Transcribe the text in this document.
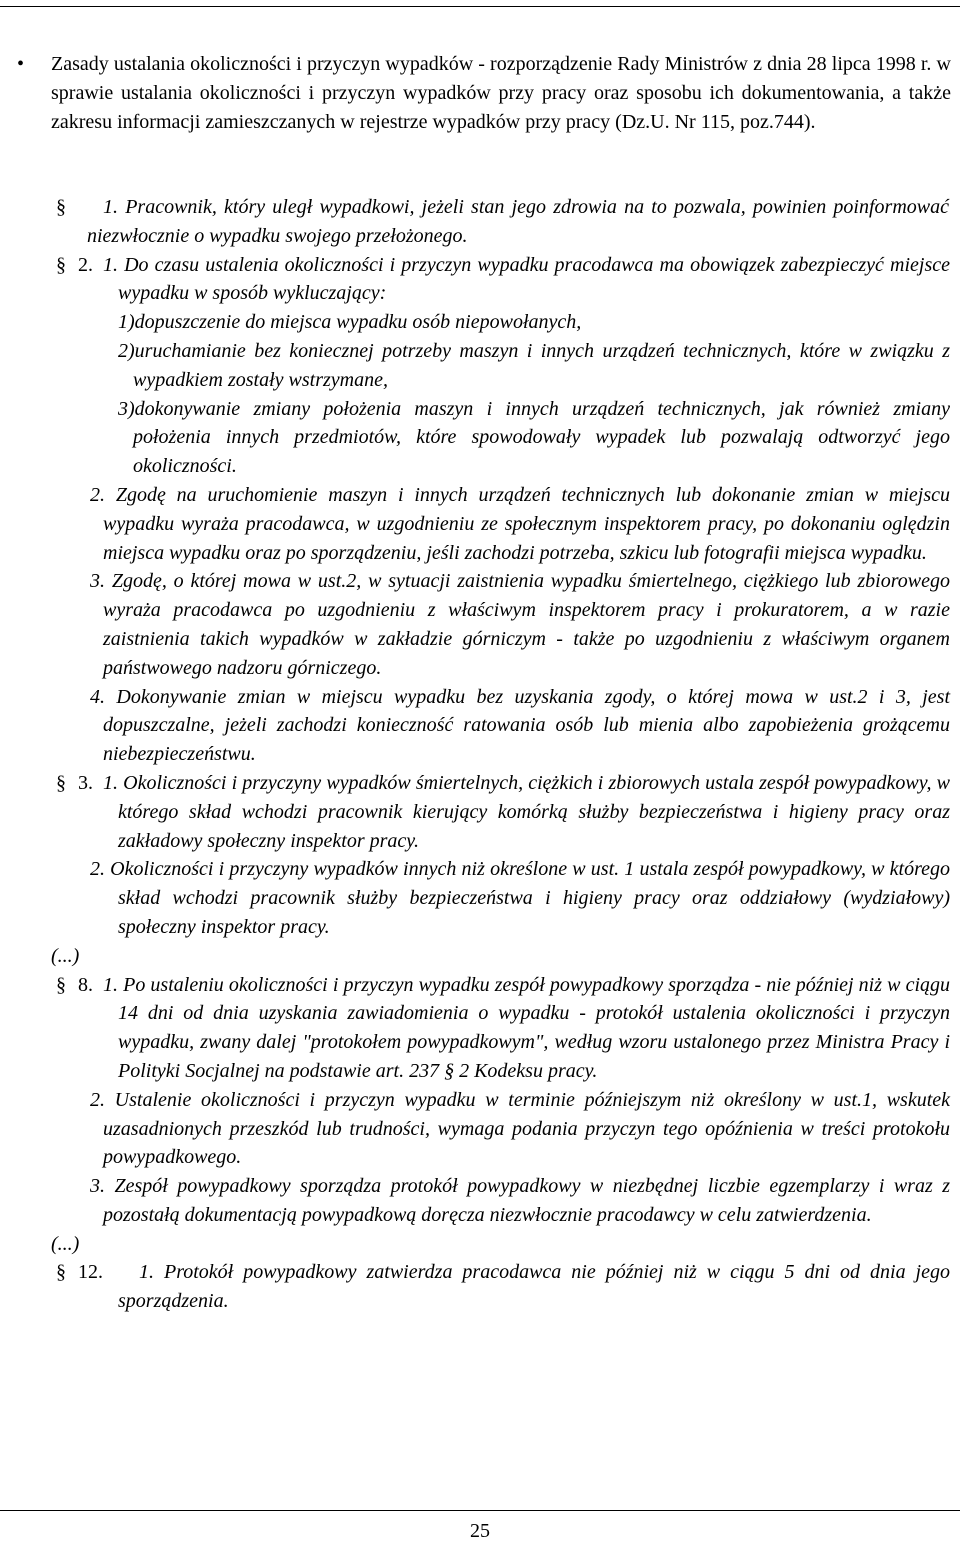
• Zasady ustalania okoliczności i przyczyn wypadków - rozporządzenie Rady Ministrów z dnia 28 lipca 1998 r. w sprawie ustalania okoliczności i przyczyn wypadków przy pracy oraz sposobu ich dokumentowania, a także zakresu informacji zamieszczanych w rejestrze wypadków przy pracy (Dz.U. Nr 115, poz.744).
§	1. Pracownik, który uległ wypadkowi, jeżeli stan jego zdrowia na to pozwala, powinien poinformować niezwłocznie o wypadku swojego przełożonego.
§ 2. 1. Do czasu ustalenia okoliczności i przyczyn wypadku pracodawca ma obowiązek zabezpieczyć miejsce wypadku w sposób wykluczający:
1)dopuszczenie do miejsca wypadku osób niepowołanych,
2)uruchamianie bez koniecznej potrzeby maszyn i innych urządzeń technicznych, które w związku z wypadkiem zostały wstrzymane,
3)dokonywanie zmiany położenia maszyn i innych urządzeń technicznych, jak również zmiany położenia innych przedmiotów, które spowodowały wypadek lub pozwalają odtworzyć jego okoliczności.
2. Zgodę na uruchomienie maszyn i innych urządzeń technicznych lub dokonanie zmian w miejscu wypadku wyraża pracodawca, w uzgodnieniu ze społecznym inspektorem pracy, po dokonaniu oględzin miejsca wypadku oraz po sporządzeniu, jeśli zachodzi potrzeba, szkicu lub fotografii miejsca wypadku.
3. Zgodę, o której mowa w ust.2, w sytuacji zaistnienia wypadku śmiertelnego, ciężkiego lub zbiorowego wyraża pracodawca po uzgodnieniu z właściwym inspektorem pracy i prokuratorem, a w razie zaistnienia takich wypadków w zakładzie górniczym - także po uzgodnieniu z właściwym organem państwowego nadzoru górniczego.
4. Dokonywanie zmian w miejscu wypadku bez uzyskania zgody, o której mowa w ust.2 i 3, jest dopuszczalne, jeżeli zachodzi konieczność ratowania osób lub mienia albo zapobieżenia grożącemu niebezpieczeństwu.
§ 3. 1. Okoliczności i przyczyny wypadków śmiertelnych, ciężkich i zbiorowych ustala zespół powypadkowy, w którego skład wchodzi pracownik kierujący komórką służby bezpieczeństwa i higieny pracy oraz zakładowy społeczny inspektor pracy.
2. Okoliczności i przyczyny wypadków innych niż określone w ust. 1 ustala zespół powypadkowy, w którego skład wchodzi pracownik służby bezpieczeństwa i higieny pracy oraz oddziałowy (wydziałowy) społeczny inspektor pracy.
(...)
§ 8. 1. Po ustaleniu okoliczności i przyczyn wypadku zespół powypadkowy sporządza - nie później niż w ciągu 14 dni od dnia uzyskania zawiadomienia o wypadku - protokół ustalenia okoliczności i przyczyn wypadku, zwany dalej "protokołem powypadkowym", według wzoru ustalonego przez Ministra Pracy i Polityki Socjalnej na podstawie art. 237 § 2 Kodeksu pracy.
2. Ustalenie okoliczności i przyczyn wypadku w terminie późniejszym niż określony w ust.1, wskutek uzasadnionych przeszkód lub trudności, wymaga podania przyczyn tego opóźnienia w treści protokołu powypadkowego.
3. Zespół powypadkowy sporządza protokół powypadkowy w niezbędnej liczbie egzemplarzy i wraz z pozostałą dokumentacją powypadkową doręcza niezwłocznie pracodawcy w celu zatwierdzenia.
(...)
§ 12.	1. Protokół powypadkowy zatwierdza pracodawca nie później niż w ciągu 5 dni od dnia jego sporządzenia.
25
